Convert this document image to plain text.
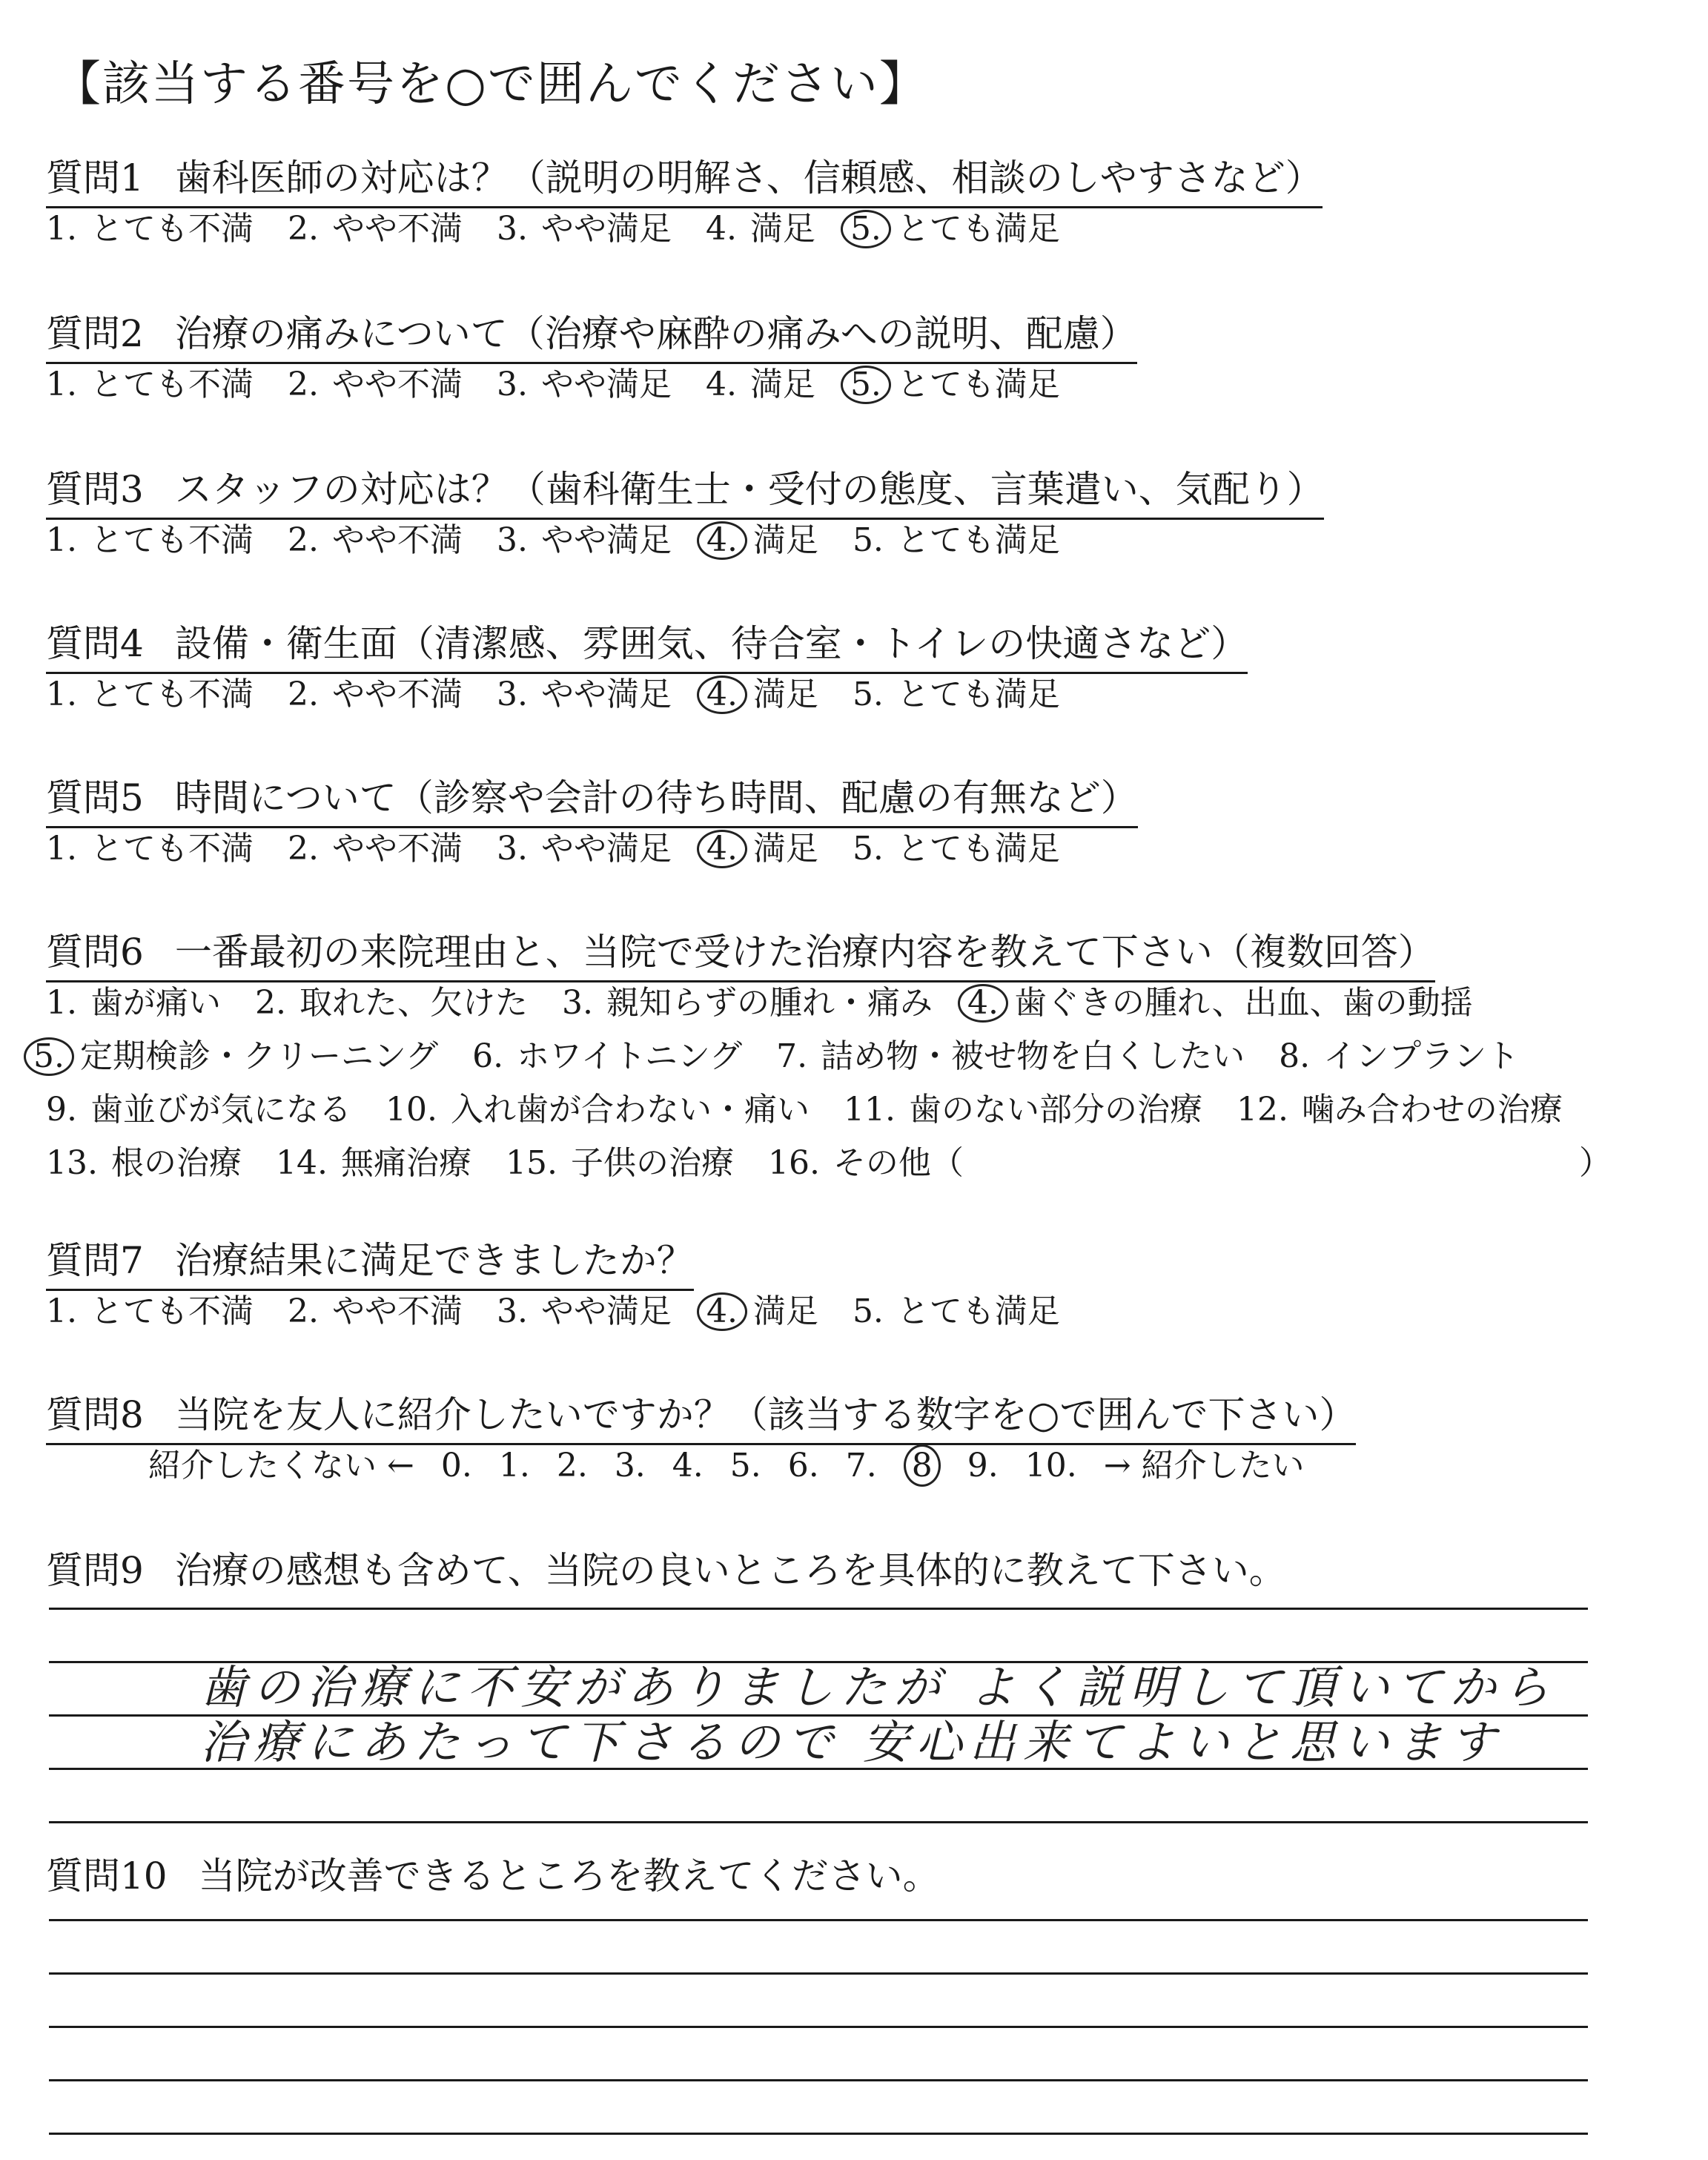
【該当する番号を○で囲んでください】
質問1 歯科医師の対応は？（説明の明解さ、信頼感、相談のしやすさなど）
1. とても不満 2. やや不満 3. やや満足 4. 満足 5. とても満足
質問2 治療の痛みについて（治療や麻酔の痛みへの説明、配慮）
1. とても不満 2. やや不満 3. やや満足 4. 満足 5. とても満足
質問3 スタッフの対応は？（歯科衛生士・受付の態度、言葉遣い、気配り）
1. とても不満 2. やや不満 3. やや満足 4. 満足 5. とても満足
質問4 設備・衛生面（清潔感、雰囲気、待合室・トイレの快適さなど）
1. とても不満 2. やや不満 3. やや満足 4. 満足 5. とても満足
質問5 時間について（診察や会計の待ち時間、配慮の有無など）
1. とても不満 2. やや不満 3. やや満足 4. 満足 5. とても満足
質問6 一番最初の来院理由と、当院で受けた治療内容を教えて下さい（複数回答）
1. 歯が痛い 2. 取れた、欠けた 3. 親知らずの腫れ・痛み 4. 歯ぐきの腫れ、出血、歯の動揺
5. 定期検診・クリーニング 6. ホワイトニング 7. 詰め物・被せ物を白くしたい 8. インプラント
9. 歯並びが気になる 10. 入れ歯が合わない・痛い 11. 歯のない部分の治療 12. 噛み合わせの治療
13. 根の治療 14. 無痛治療 15. 子供の治療 16. その他（	）
質問7 治療結果に満足できましたか？
1. とても不満 2. やや不満 3. やや満足 4. 満足 5. とても満足
質問8 当院を友人に紹介したいですか？（該当する数字を○で囲んで下さい）
紹介したくない ← 0. 1. 2. 3. 4. 5. 6. 7. 8 9. 10. → 紹介したい
質問9 治療の感想も含めて、当院の良いところを具体的に教えて下さい。
歯の治療に不安がありましたが よく説明して頂いてから
治療にあたって下さるので 安心出来てよいと思います
質問10 当院が改善できるところを教えてください。
